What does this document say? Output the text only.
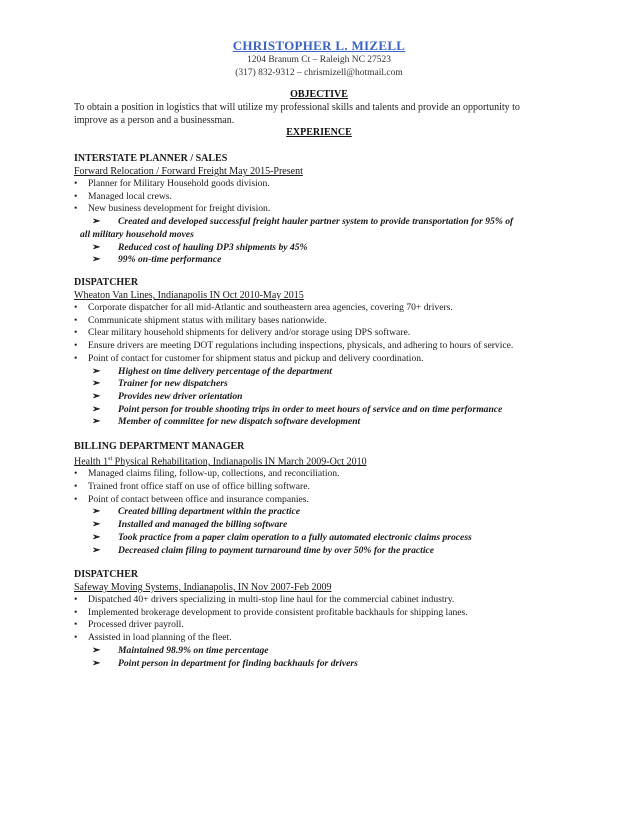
CHRISTOPHER L. MIZELL
1204 Branum Ct – Raleigh NC 27523
(317) 832-9312 – chrismizell@hotmail.com
OBJECTIVE
To obtain a position in logistics that will utilize my professional skills and talents and provide an opportunity to improve as a person and a businessman.
EXPERIENCE
INTERSTATE PLANNER / SALES
Forward Relocation / Forward Freight May 2015-Present
• Planner for Military Household goods division.
• Managed local crews.
• New business development for freight division.
➢ Created and developed successful freight hauler partner system to provide transportation for 95% of
all military household moves
➢ Reduced cost of hauling DP3 shipments by 45%
➢ 99% on-time performance
DISPATCHER
Wheaton Van Lines, Indianapolis IN Oct 2010-May 2015
• Corporate dispatcher for all mid-Atlantic and southeastern area agencies, covering 70+ drivers.
• Communicate shipment status with military bases nationwide.
• Clear military household shipments for delivery and/or storage using DPS software.
• Ensure drivers are meeting DOT regulations including inspections, physicals, and adhering to hours of service.
• Point of contact for customer for shipment status and pickup and delivery coordination.
➢ Highest on time delivery percentage of the department
➢ Trainer for new dispatchers
➢ Provides new driver orientation
➢ Point person for trouble shooting trips in order to meet hours of service and on time performance
➢ Member of committee for new dispatch software development
BILLING DEPARTMENT MANAGER
Health 1st Physical Rehabilitation, Indianapolis IN March 2009-Oct 2010
• Managed claims filing, follow-up, collections, and reconciliation.
• Trained front office staff on use of office billing software.
• Point of contact between office and insurance companies.
➢ Created billing department within the practice
➢ Installed and managed the billing software
➢ Took practice from a paper claim operation to a fully automated electronic claims process
➢ Decreased claim filing to payment turnaround time by over 50% for the practice
DISPATCHER
Safeway Moving Systems, Indianapolis, IN Nov 2007-Feb 2009
• Dispatched 40+ drivers specializing in multi-stop line haul for the commercial cabinet industry.
• Implemented brokerage development to provide consistent profitable backhauls for shipping lanes.
• Processed driver payroll.
• Assisted in load planning of the fleet.
➢ Maintained 98.9% on time percentage
➢ Point person in department for finding backhauls for drivers
